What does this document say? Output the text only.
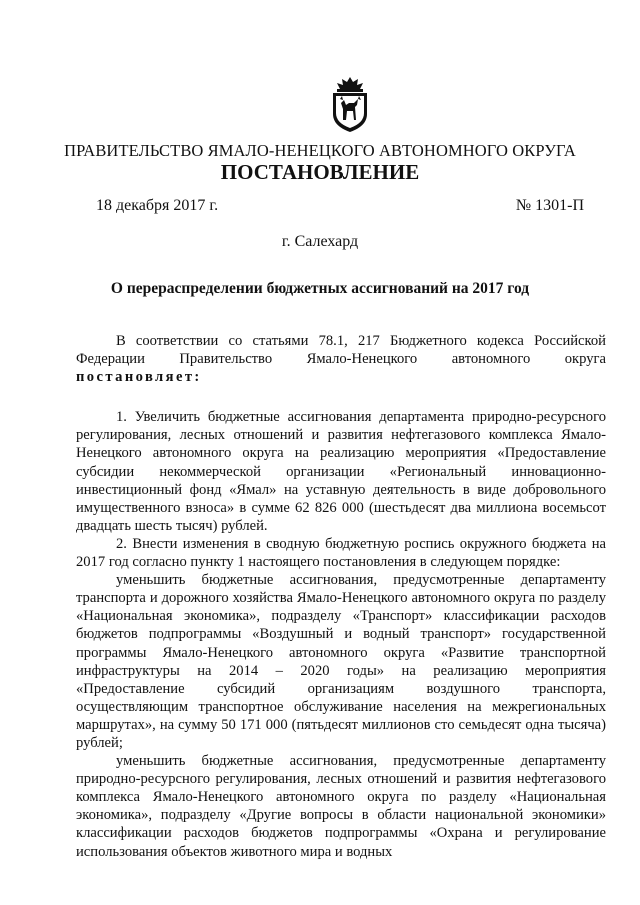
ПРАВИТЕЛЬСТВО ЯМАЛО-НЕНЕЦКОГО АВТОНОМНОГО ОКРУГА
ПОСТАНОВЛЕНИЕ
18 декабря 2017 г.	№ 1301-П
г. Салехард
О перераспределении бюджетных ассигнований на 2017 год

В соответствии со статьями 78.1, 217 Бюджетного кодекса Российской Федерации Правительство Ямало-Ненецкого автономного округа постановляет:

1. Увеличить бюджетные ассигнования департамента природно-ресурсного регулирования, лесных отношений и развития нефтегазового комплекса Ямало-Ненецкого автономного округа на реализацию мероприятия «Предоставление субсидии некоммерческой организации «Региональный инновационно-инвестиционный фонд «Ямал» на уставную деятельность в виде добровольного имущественного взноса» в сумме 62 826 000 (шестьдесят два миллиона восемьсот двадцать шесть тысяч) рублей.

2. Внести изменения в сводную бюджетную роспись окружного бюджета на 2017 год согласно пункту 1 настоящего постановления в следующем порядке:

уменьшить бюджетные ассигнования, предусмотренные департаменту транспорта и дорожного хозяйства Ямало-Ненецкого автономного округа по разделу «Национальная экономика», подразделу «Транспорт» классификации расходов бюджетов подпрограммы «Воздушный и водный транспорт» государственной программы Ямало-Ненецкого автономного округа «Развитие транспортной инфраструктуры на 2014 – 2020 годы» на реализацию мероприятия «Предоставление субсидий организациям воздушного транспорта, осуществляющим транспортное обслуживание населения на межрегиональных маршрутах», на сумму 50 171 000 (пятьдесят миллионов сто семьдесят одна тысяча) рублей;

уменьшить бюджетные ассигнования, предусмотренные департаменту природно-ресурсного регулирования, лесных отношений и развития нефтегазового комплекса Ямало-Ненецкого автономного округа по разделу «Национальная экономика», подразделу «Другие вопросы в области национальной экономики» классификации расходов бюджетов подпрограммы «Охрана и регулирование использования объектов животного мира и водных
